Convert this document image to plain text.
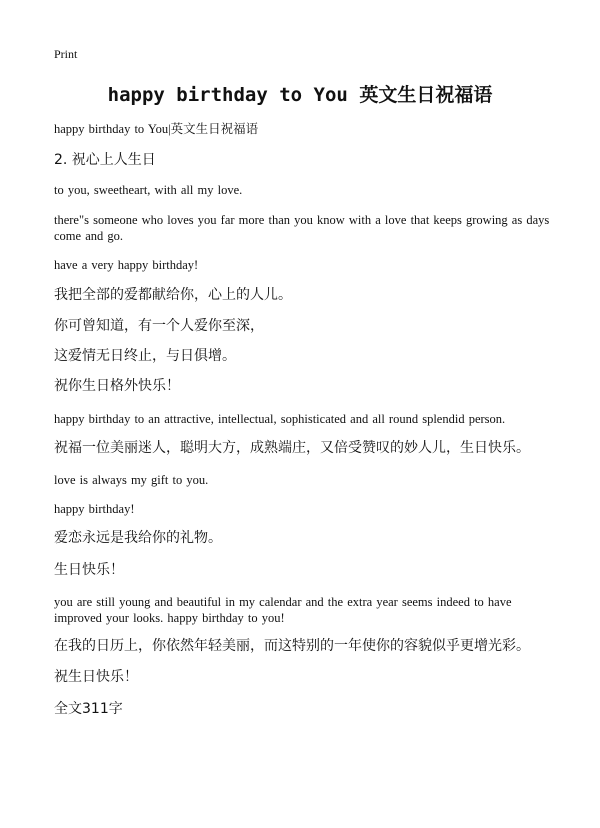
Print
happy birthday to You 英文生日祝福语

happy birthday to You|英文生日祝福语

2. 祝心上人生日

to you, sweetheart, with all my love.

there"s someone who loves you far more than you know with a love that keeps growing as days come and go.

have a very happy birthday!

我把全部的爱都献给你，心上的人儿。

你可曾知道，有一个人爱你至深，

这爱情无日终止，与日俱增。

祝你生日格外快乐！

happy birthday to an attractive, intellectual, sophisticated and all round splendid person.

祝福一位美丽迷人，聪明大方，成熟端庄，又倍受赞叹的妙人儿，生日快乐。

love is always my gift to you.

happy birthday!

爱恋永远是我给你的礼物。

生日快乐！

you are still young and beautiful in my calendar and the extra year seems indeed to have improved your looks. happy birthday to you!

在我的日历上，你依然年轻美丽，而这特别的一年使你的容貌似乎更增光彩。

祝生日快乐！

全文311字
